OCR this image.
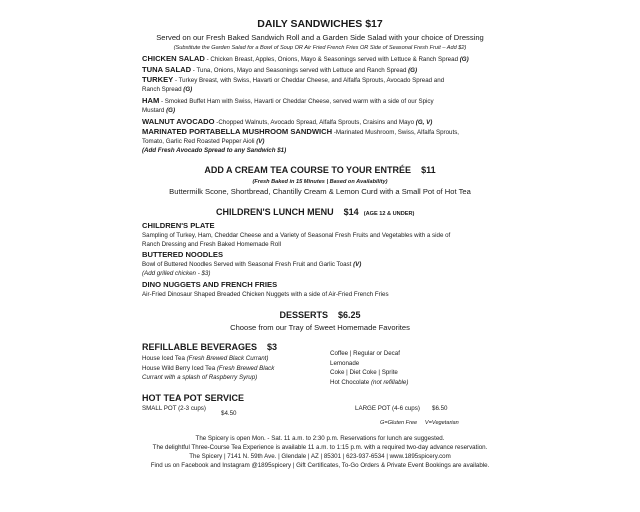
DAILY SANDWICHES $17
Served on our Fresh Baked Sandwich Roll and a Garden Side Salad with your choice of Dressing
(Substitute the Garden Salad for a Bowl of Soup OR Air Fried French Fries OR Side of Seasonal Fresh Fruit – Add $2)
CHICKEN SALAD - Chicken Breast, Apples, Onions, Mayo & Seasonings served with Lettuce & Ranch Spread (G)
TUNA SALAD - Tuna, Onions, Mayo and Seasonings served with Lettuce and Ranch Spread (G)
TURKEY - Turkey Breast, with Swiss, Havarti or Cheddar Cheese, and Alfalfa Sprouts, Avocado Spread and
Ranch Spread (G)
HAM - Smoked Buffet Ham with Swiss, Havarti or Cheddar Cheese, served warm with a side of our Spicy
Mustard (G)
WALNUT AVOCADO -Chopped Walnuts, Avocado Spread, Alfalfa Sprouts, Craisins and Mayo (G, V)
MARINATED PORTABELLA MUSHROOM SANDWICH -Marinated Mushroom, Swiss, Alfalfa Sprouts,
Tomato, Garlic Red Roasted Pepper Aioli (V)
(Add Fresh Avocado Spread to any Sandwich $1)
ADD A CREAM TEA COURSE TO YOUR ENTRÉE $11
(Fresh Baked in 15 Minutes | Based on Availability)
Buttermilk Scone, Shortbread, Chantilly Cream & Lemon Curd with a Small Pot of Hot Tea
CHILDREN'S LUNCH MENU $14 (AGE 12 & UNDER)
CHILDREN'S PLATE
Sampling of Turkey, Ham, Cheddar Cheese and a Variety of Seasonal Fresh Fruits and Vegetables with a side of
Ranch Dressing and Fresh Baked Homemade Roll
BUTTERED NOODLES
Bowl of Buttered Noodles Served with Seasonal Fresh Fruit and Garlic Toast (V)
(Add grilled chicken - $3)
DINO NUGGETS AND FRENCH FRIES
Air-Fried Dinosaur Shaped Breaded Chicken Nuggets with a side of Air-Fried French Fries
DESSERTS $6.25
Choose from our Tray of Sweet Homemade Favorites
REFILLABLE BEVERAGES $3
House Iced Tea (Fresh Brewed Black Currant)
House Wild Berry Iced Tea (Fresh Brewed Black
Currant with a splash of Raspberry Syrup)
Coffee | Regular or Decaf
Lemonade
Coke | Diet Coke | Sprite
Hot Chocolate (not refillable)
HOT TEA POT SERVICE
SMALL POT (2-3 cups)
$4.50
LARGE POT (4-6 cups) $6.50
G=Gluten Free     V=Vegetarian
The Spicery is open Mon. - Sat. 11 a.m. to 2:30 p.m. Reservations for lunch are suggested.
The delightful Three-Course Tea Experience is available 11 a.m. to 1:15 p.m. with a required two-day advance reservation.
The Spicery | 7141 N. 59th Ave. | Glendale | AZ | 85301 | 623-937-6534 | www.1895spicery.com
Find us on Facebook and Instagram @1895spicery | Gift Certificates, To-Go Orders & Private Event Bookings are available.
